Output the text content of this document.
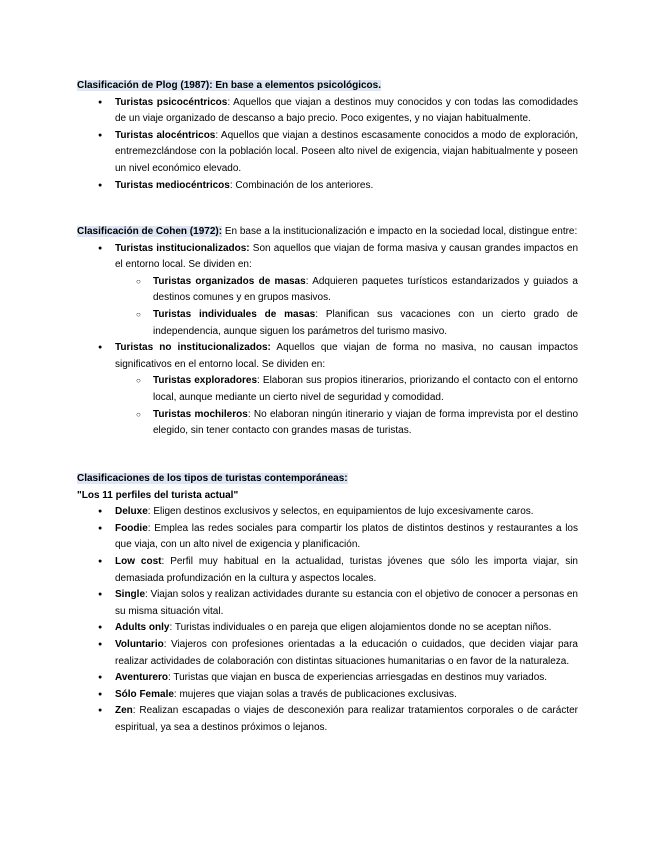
Clasificación de Plog (1987): En base a elementos psicológicos.
● Turistas psicocéntricos: Aquellos que viajan a destinos muy conocidos y con todas las comodidades de un viaje organizado de descanso a bajo precio. Poco exigentes, y no viajan habitualmente.
● Turistas alocéntricos: Aquellos que viajan a destinos escasamente conocidos a modo de exploración, entremezclándose con la población local. Poseen alto nivel de exigencia, viajan habitualmente y poseen un nivel económico elevado.
● Turistas mediocéntricos: Combinación de los anteriores.
Clasificación de Cohen (1972): En base a la institucionalización e impacto en la sociedad local, distingue entre:
● Turistas institucionalizados: Son aquellos que viajan de forma masiva y causan grandes impactos en el entorno local. Se dividen en:
○ Turistas organizados de masas: Adquieren paquetes turísticos estandarizados y guiados a destinos comunes y en grupos masivos.
○ Turistas individuales de masas: Planifican sus vacaciones con un cierto grado de independencia, aunque siguen los parámetros del turismo masivo.
● Turistas no institucionalizados: Aquellos que viajan de forma no masiva, no causan impactos significativos en el entorno local. Se dividen en:
○ Turistas exploradores: Elaboran sus propios itinerarios, priorizando el contacto con el entorno local, aunque mediante un cierto nivel de seguridad y comodidad.
○ Turistas mochileros: No elaboran ningún itinerario y viajan de forma imprevista por el destino elegido, sin tener contacto con grandes masas de turistas.
Clasificaciones de los tipos de turistas contemporáneas:
"Los 11 perfiles del turista actual"
● Deluxe: Eligen destinos exclusivos y selectos, en equipamientos de lujo excesivamente caros.
● Foodie: Emplea las redes sociales para compartir los platos de distintos destinos y restaurantes a los que viaja, con un alto nivel de exigencia y planificación.
● Low cost: Perfil muy habitual en la actualidad, turistas jóvenes que sólo les importa viajar, sin demasiada profundización en la cultura y aspectos locales.
● Single: Viajan solos y realizan actividades durante su estancia con el objetivo de conocer a personas en su misma situación vital.
● Adults only: Turistas individuales o en pareja que eligen alojamientos donde no se aceptan niños.
● Voluntario: Viajeros con profesiones orientadas a la educación o cuidados, que deciden viajar para realizar actividades de colaboración con distintas situaciones humanitarias o en favor de la naturaleza.
● Aventurero: Turistas que viajan en busca de experiencias arriesgadas en destinos muy variados.
● Sólo Female: mujeres que viajan solas a través de publicaciones exclusivas.
● Zen: Realizan escapadas o viajes de desconexión para realizar tratamientos corporales o de carácter espiritual, ya sea a destinos próximos o lejanos.
